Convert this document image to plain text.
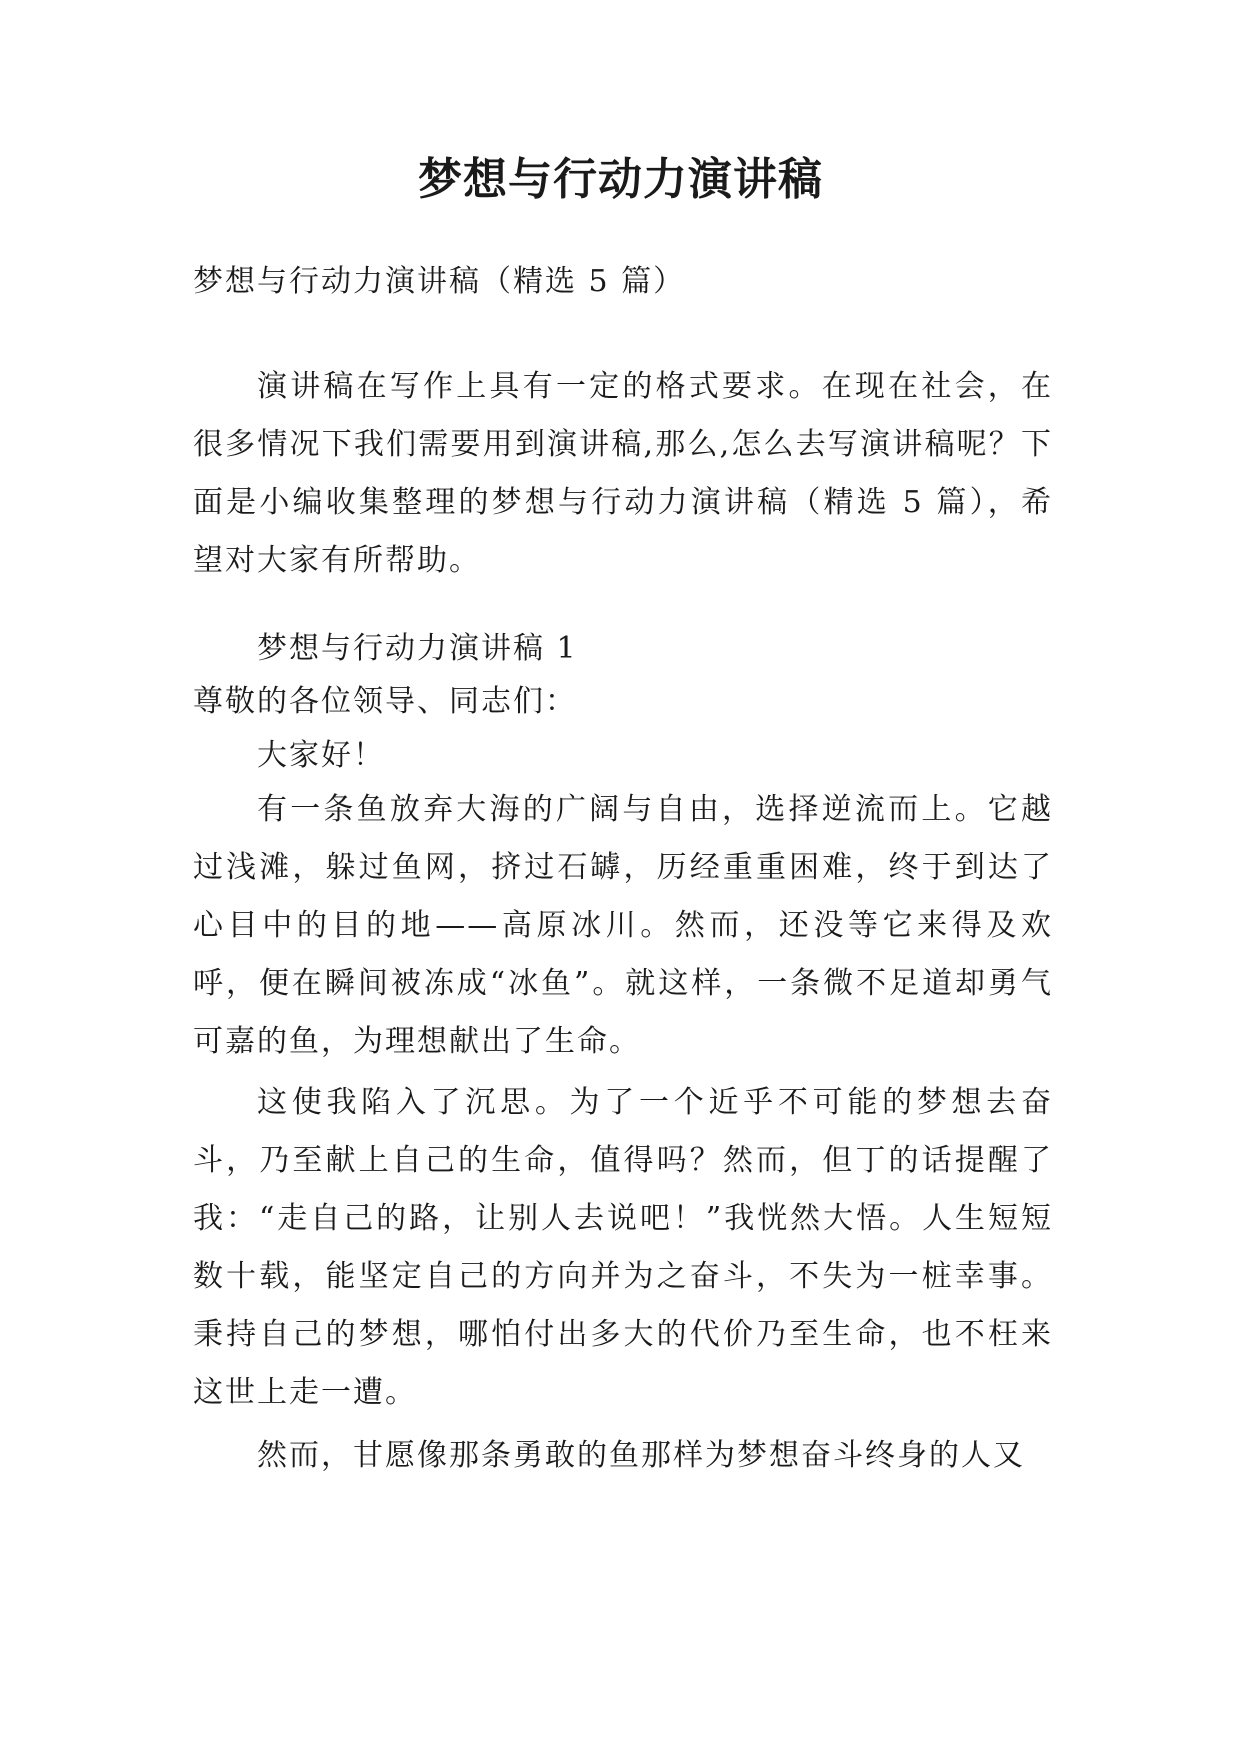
梦想与行动力演讲稿

梦想与行动力演讲稿（精选 5 篇）

演讲稿在写作上具有一定的格式要求。在现在社会，在很多情况下我们需要用到演讲稿,那么,怎么去写演讲稿呢？下面是小编收集整理的梦想与行动力演讲稿（精选 5 篇），希望对大家有所帮助。

梦想与行动力演讲稿 1

尊敬的各位领导、同志们：

大家好！

有一条鱼放弃大海的广阔与自由，选择逆流而上。它越过浅滩，躲过鱼网，挤过石罅，历经重重困难，终于到达了心目中的目的地——高原冰川。然而，还没等它来得及欢呼，便在瞬间被冻成“冰鱼”。就这样，一条微不足道却勇气可嘉的鱼，为理想献出了生命。

这使我陷入了沉思。为了一个近乎不可能的梦想去奋斗，乃至献上自己的生命，值得吗？然而，但丁的话提醒了我：“走自己的路，让别人去说吧！”我恍然大悟。人生短短数十载，能坚定自己的方向并为之奋斗，不失为一桩幸事。秉持自己的梦想，哪怕付出多大的代价乃至生命，也不枉来这世上走一遭。

然而，甘愿像那条勇敢的鱼那样为梦想奋斗终身的人又
